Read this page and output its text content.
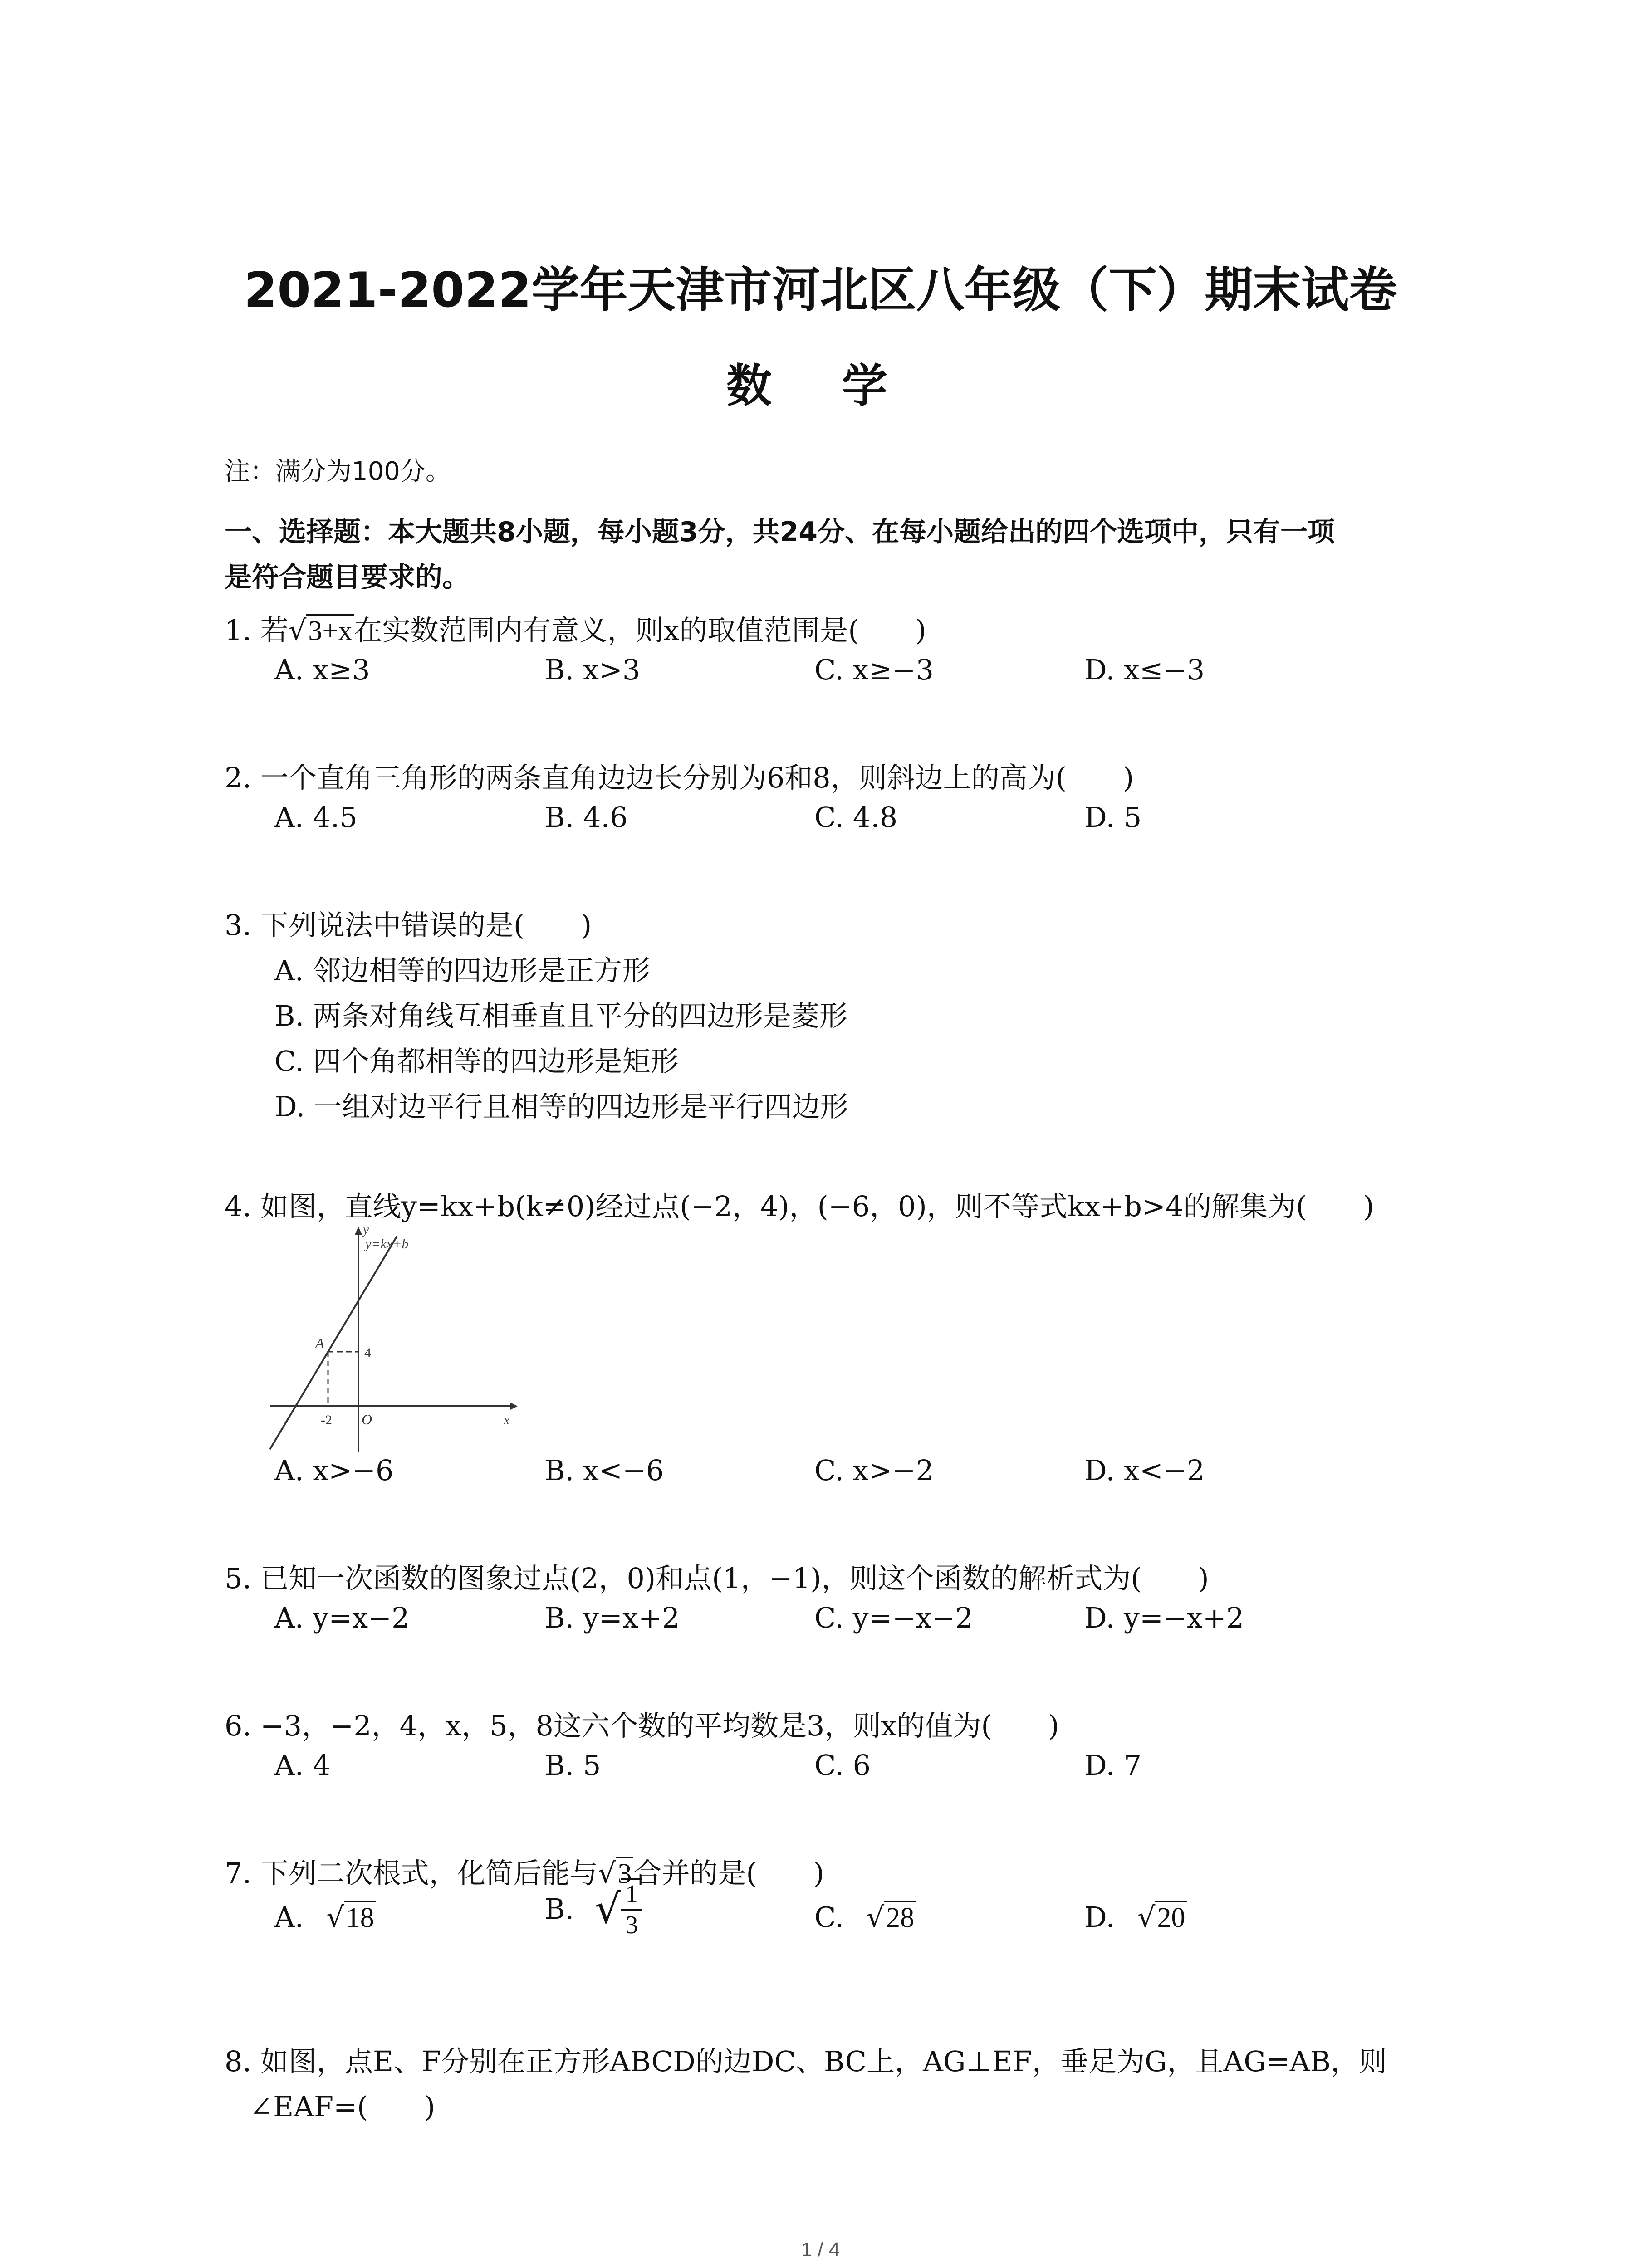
2021-2022学年天津市河北区八年级（下）期末试卷
数 学
注：满分为100分。
一、选择题：本大题共8小题，每小题3分，共24分、在每小题给出的四个选项中，只有一项
是符合题目要求的。
1. 若√3+x在实数范围内有意义，则x的取值范围是(　　)
A. x≥3	B. x>3	C. x≥−3	D. x≤−3
2. 一个直角三角形的两条直角边边长分别为6和8，则斜边上的高为(　　)
A. 4.5	B. 4.6	C. 4.8	D. 5
3. 下列说法中错误的是(　　)
A. 邻边相等的四边形是正方形
B. 两条对角线互相垂直且平分的四边形是菱形
C. 四个角都相等的四边形是矩形
D. 一组对边平行且相等的四边形是平行四边形
4. 如图，直线y=kx+b(k≠0)经过点(−2，4)，(−6，0)，则不等式kx+b>4的解集为(　　)
y=kx+b
y
x
A
4
-2 O
A. x>−6	B. x<−6	C. x>−2	D. x<−2
5. 已知一次函数的图象过点(2，0)和点(1，−1)，则这个函数的解析式为(　　)
A. y=x−2	B. y=x+2	C. y=−x−2	D. y=−x+2
6. −3，−2，4，x，5，8这六个数的平均数是3，则x的值为(　　)
A. 4	B. 5	C. 6	D. 7
7. 下列二次根式，化简后能与√3合并的是(　　)
A. √18	B. √ $\frac{1}{3}$	C. √28	D. √20
8. 如图，点E、F分别在正方形ABCD的边DC、BC上，AG⊥EF，垂足为G，且AG=AB，则
∠EAF=(　　)
1 / 4
